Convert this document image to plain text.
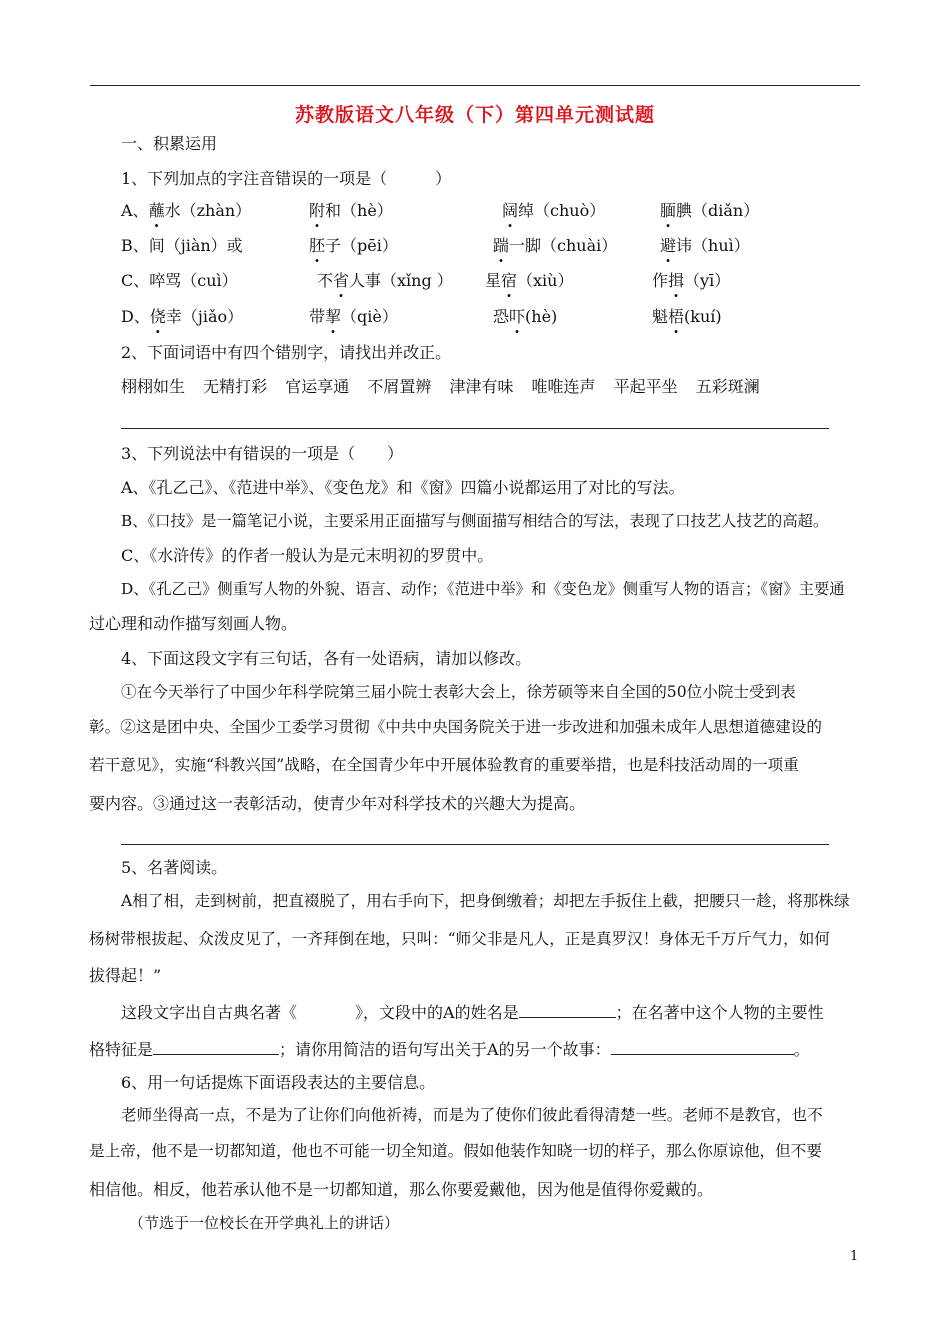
苏教版语文八年级（下）第四单元测试题
一、积累运用
1、下列加点的字注音错误的一项是（　　　）
A、蘸水（zhàn）	附和（hè）	阔绰（chuò）	腼腆（diǎn）
B、间（jiàn）或	胚子（pēi）	踹一脚（chuài）	避讳（huì）
C、啐骂（cuì）	不省人事（xǐng ） 星宿（xiù）	作揖（yī）
D、侥幸（jiǎo）	带挈（qiè）	恐吓(hè)	魁梧(kuí)
2、下面词语中有四个错别字，请找出并改正。
栩栩如生 无精打彩 官运享通 不屑置辨 津津有味 唯唯连声 平起平坐 五彩斑澜
3、下列说法中有错误的一项是（　　）
A、《孔乙己》、《范进中举》、《变色龙》和《窗》四篇小说都运用了对比的写法。
B、《口技》是一篇笔记小说，主要采用正面描写与侧面描写相结合的写法，表现了口技艺人技艺的高超。
C、《水浒传》的作者一般认为是元末明初的罗贯中。
D、《孔乙己》侧重写人物的外貌、语言、动作；《范进中举》和《变色龙》侧重写人物的语言；《窗》主要通
过心理和动作描写刻画人物。
4、下面这段文字有三句话，各有一处语病，请加以修改。
①在今天举行了中国少年科学院第三届小院士表彰大会上，徐芳硕等来自全国的50位小院士受到表
彰。②这是团中央、全国少工委学习贯彻《中共中央国务院关于进一步改进和加强未成年人思想道德建设的
若干意见》，实施“科教兴国”战略，在全国青少年中开展体验教育的重要举措，也是科技活动周的一项重
要内容。③通过这一表彰活动，使青少年对科学技术的兴趣大为提高。
5、名著阅读。
A相了相，走到树前，把直裰脱了，用右手向下，把身倒缴着；却把左手扳住上截，把腰只一趁，将那株绿
杨树带根拔起、众泼皮见了，一齐拜倒在地，只叫：“师父非是凡人，正是真罗汉！身体无千万斤气力，如何
拔得起！”
这段文字出自古典名著《	》，文段中的A的姓名是	；在名著中这个人物的主要性
格特征是	；请你用简洁的语句写出关于A的另一个故事：	。
6、用一句话提炼下面语段表达的主要信息。
老师坐得高一点，不是为了让你们向他祈祷，而是为了使你们彼此看得清楚一些。老师不是教官，也不
是上帝，他不是一切都知道，他也不可能一切全知道。假如他装作知晓一切的样子，那么你原谅他，但不要
相信他。相反，他若承认他不是一切都知道，那么你要爱戴他，因为他是值得你爱戴的。
（节选于一位校长在开学典礼上的讲话）
1
